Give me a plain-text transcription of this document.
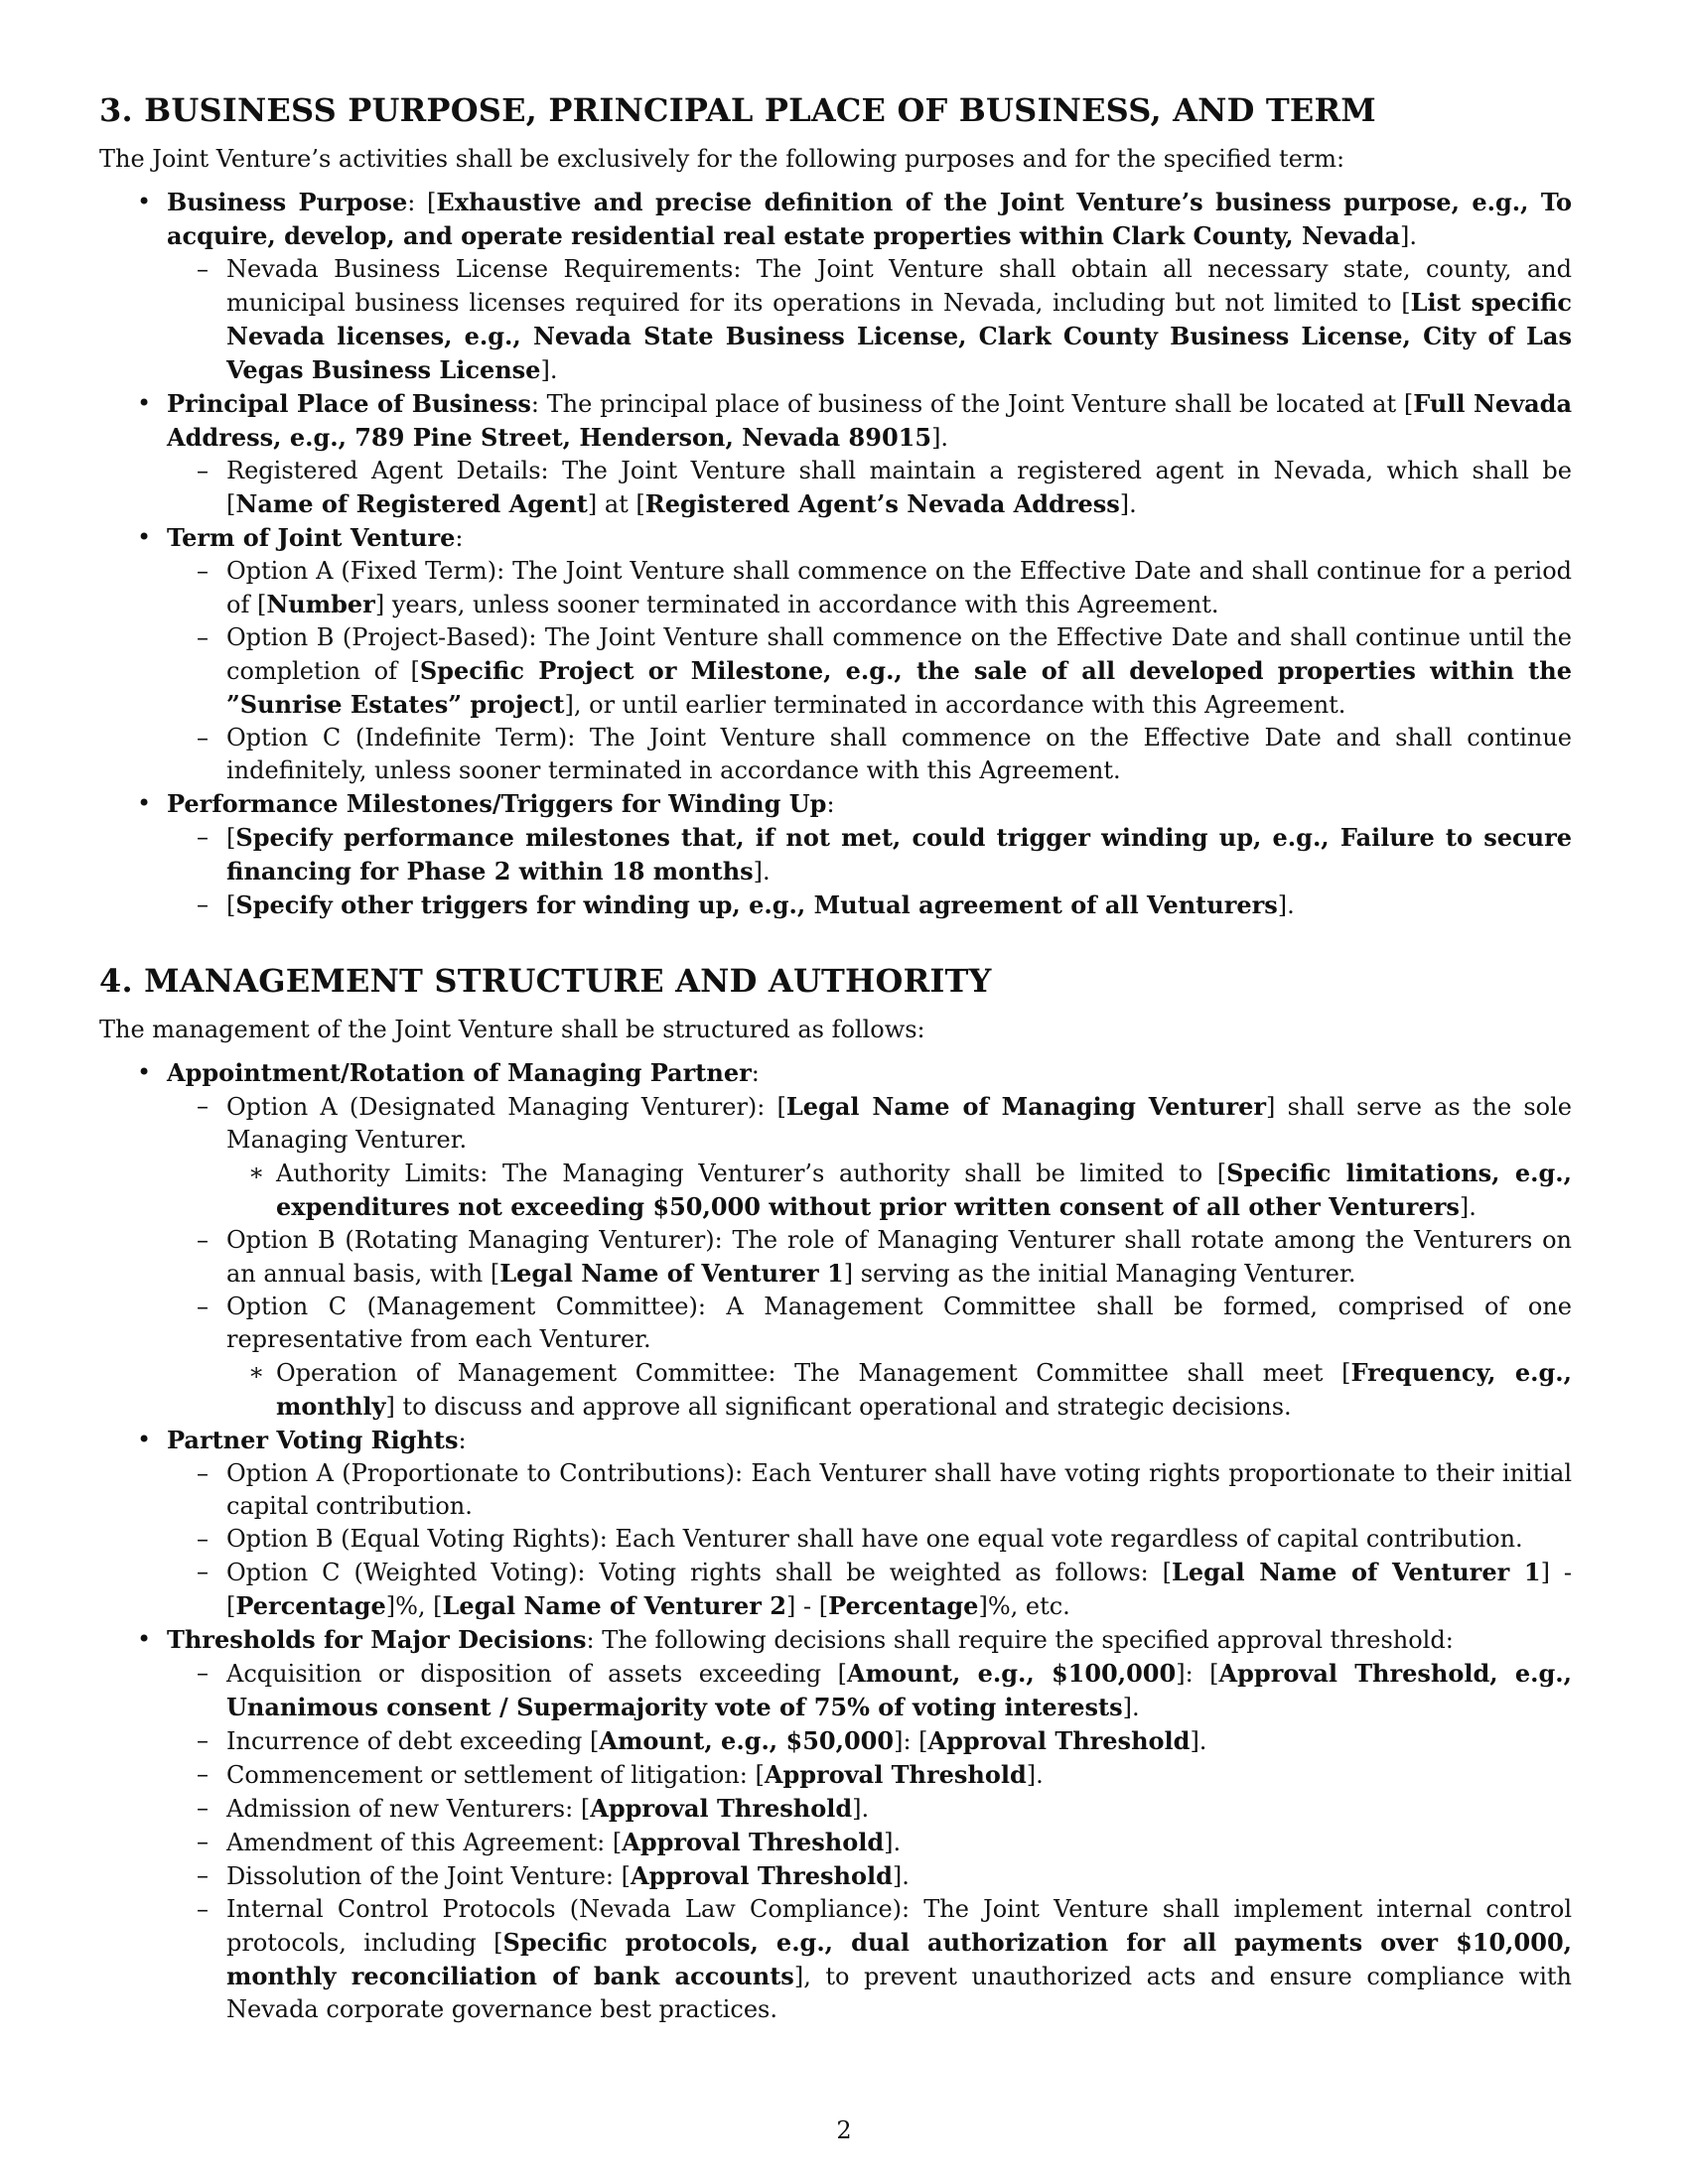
3. BUSINESS PURPOSE, PRINCIPAL PLACE OF BUSINESS, AND TERM

The Joint Venture’s activities shall be exclusively for the following purposes and for the specified term:

• Business Purpose: [Exhaustive and precise definition of the Joint Venture’s business purpose, e.g., To acquire, develop, and operate residential real estate properties within Clark County, Nevada].
– Nevada Business License Requirements: The Joint Venture shall obtain all necessary state, county, and municipal business licenses required for its operations in Nevada, including but not limited to [List specific Nevada licenses, e.g., Nevada State Business License, Clark County Business License, City of Las Vegas Business License].
• Principal Place of Business: The principal place of business of the Joint Venture shall be located at [Full Nevada Address, e.g., 789 Pine Street, Henderson, Nevada 89015].
– Registered Agent Details: The Joint Venture shall maintain a registered agent in Nevada, which shall be [Name of Registered Agent] at [Registered Agent’s Nevada Address].
• Term of Joint Venture:
– Option A (Fixed Term): The Joint Venture shall commence on the Effective Date and shall continue for a period of [Number] years, unless sooner terminated in accordance with this Agreement.
– Option B (Project-Based): The Joint Venture shall commence on the Effective Date and shall continue until the completion of [Specific Project or Milestone, e.g., the sale of all developed properties within the ”Sunrise Estates” project], or until earlier terminated in accordance with this Agreement.
– Option C (Indefinite Term): The Joint Venture shall commence on the Effective Date and shall continue indefinitely, unless sooner terminated in accordance with this Agreement.
• Performance Milestones/Triggers for Winding Up:
– [Specify performance milestones that, if not met, could trigger winding up, e.g., Failure to secure financing for Phase 2 within 18 months].
– [Specify other triggers for winding up, e.g., Mutual agreement of all Venturers].
4. MANAGEMENT STRUCTURE AND AUTHORITY

The management of the Joint Venture shall be structured as follows:

• Appointment/Rotation of Managing Partner:
– Option A (Designated Managing Venturer): [Legal Name of Managing Venturer] shall serve as the sole Managing Venturer.
∗ Authority Limits: The Managing Venturer’s authority shall be limited to [Specific limitations, e.g., expenditures not exceeding $50,000 without prior written consent of all other Venturers].
– Option B (Rotating Managing Venturer): The role of Managing Venturer shall rotate among the Venturers on an annual basis, with [Legal Name of Venturer 1] serving as the initial Managing Venturer.
– Option C (Management Committee): A Management Committee shall be formed, comprised of one representative from each Venturer.
∗ Operation of Management Committee: The Management Committee shall meet [Frequency, e.g., monthly] to discuss and approve all significant operational and strategic decisions.
• Partner Voting Rights:
– Option A (Proportionate to Contributions): Each Venturer shall have voting rights proportionate to their initial capital contribution.
– Option B (Equal Voting Rights): Each Venturer shall have one equal vote regardless of capital contribution.
– Option C (Weighted Voting): Voting rights shall be weighted as follows: [Legal Name of Venturer 1] - [Percentage]%, [Legal Name of Venturer 2] - [Percentage]%, etc.
• Thresholds for Major Decisions: The following decisions shall require the specified approval threshold:
– Acquisition or disposition of assets exceeding [Amount, e.g., $100,000]: [Approval Threshold, e.g., Unanimous consent / Supermajority vote of 75% of voting interests].
– Incurrence of debt exceeding [Amount, e.g., $50,000]: [Approval Threshold].
– Commencement or settlement of litigation: [Approval Threshold].
– Admission of new Venturers: [Approval Threshold].
– Amendment of this Agreement: [Approval Threshold].
– Dissolution of the Joint Venture: [Approval Threshold].
– Internal Control Protocols (Nevada Law Compliance): The Joint Venture shall implement internal control protocols, including [Specific protocols, e.g., dual authorization for all payments over $10,000, monthly reconciliation of bank accounts], to prevent unauthorized acts and ensure compliance with Nevada corporate governance best practices.
2
